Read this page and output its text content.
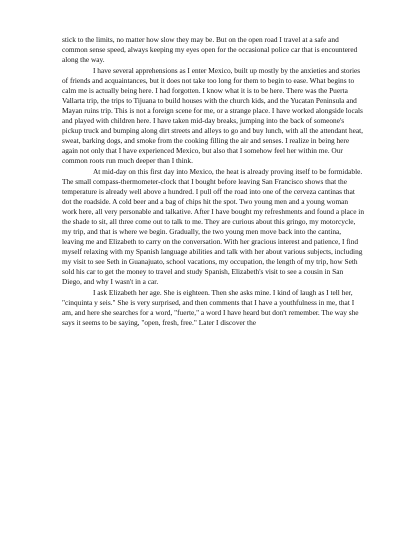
stick to the limits, no matter how slow they may be. But on the open road I travel at a safe and common sense speed, always keeping my eyes open for the occasional police car that is encountered along the way.

I have several apprehensions as I enter Mexico, built up mostly by the anxieties and stories of friends and acquaintances, but it does not take too long for them to begin to ease. What begins to calm me is actually being here. I had forgotten. I know what it is to be here. There was the Puerta Vallarta trip, the trips to Tijuana to build houses with the church kids, and the Yucatan Peninsula and Mayan ruins trip. This is not a foreign scene for me, or a strange place. I have worked alongside locals and played with children here. I have taken mid-day breaks, jumping into the back of someone's pickup truck and bumping along dirt streets and alleys to go and buy lunch, with all the attendant heat, sweat, barking dogs, and smoke from the cooking filling the air and senses. I realize in being here again not only that I have experienced Mexico, but also that I somehow feel her within me. Our common roots run much deeper than I think.

At mid-day on this first day into Mexico, the heat is already proving itself to be formidable. The small compass-thermometer-clock that I bought before leaving San Francisco shows that the temperature is already well above a hundred. I pull off the road into one of the cerveza cantinas that dot the roadside. A cold beer and a bag of chips hit the spot. Two young men and a young woman work here, all very personable and talkative. After I have bought my refreshments and found a place in the shade to sit, all three come out to talk to me. They are curious about this gringo, my motorcycle, my trip, and that is where we begin. Gradually, the two young men move back into the cantina, leaving me and Elizabeth to carry on the conversation. With her gracious interest and patience, I find myself relaxing with my Spanish language abilities and talk with her about various subjects, including my visit to see Seth in Guanajuato, school vacations, my occupation, the length of my trip, how Seth sold his car to get the money to travel and study Spanish, Elizabeth's visit to see a cousin in San Diego, and why I wasn't in a car.

I ask Elizabeth her age. She is eighteen. Then she asks mine. I kind of laugh as I tell her, "cinquinta y seis." She is very surprised, and then comments that I have a youthfulness in me, that I am, and here she searches for a word, "fuerte," a word I have heard but don't remember. The way she says it seems to be saying, "open, fresh, free." Later I discover the
